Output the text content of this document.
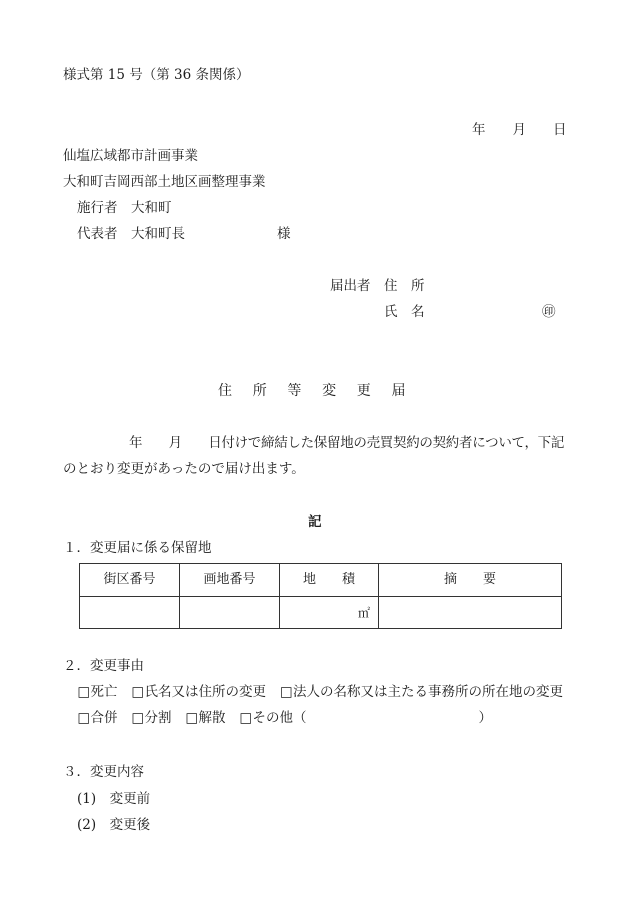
様式第 15 号（第 36 条関係）
年　　月　　日
仙塩広域都市計画事業
大和町吉岡西部土地区画整理事業
施行者　大和町
代表者　大和町長	様
届出者 住　所
氏　名	㊞
住　所　等　変　更　届
　　　　　年　　月　　日付けで締結した保留地の売買契約の契約者について，下記
のとおり変更があったので届け出ます。
記
１．変更届に係る保留地
街区番号	画地番号	地　　積	摘　　要
		㎡	
２．変更事由
□ 死亡 □ 氏名又は住所の変更 □ 法人の名称又は主たる事務所の所在地の変更
□ 合併 □ 分割 □ 解散 □ その他 （	）
３．変更内容
(1)　変更前
(2)　変更後
